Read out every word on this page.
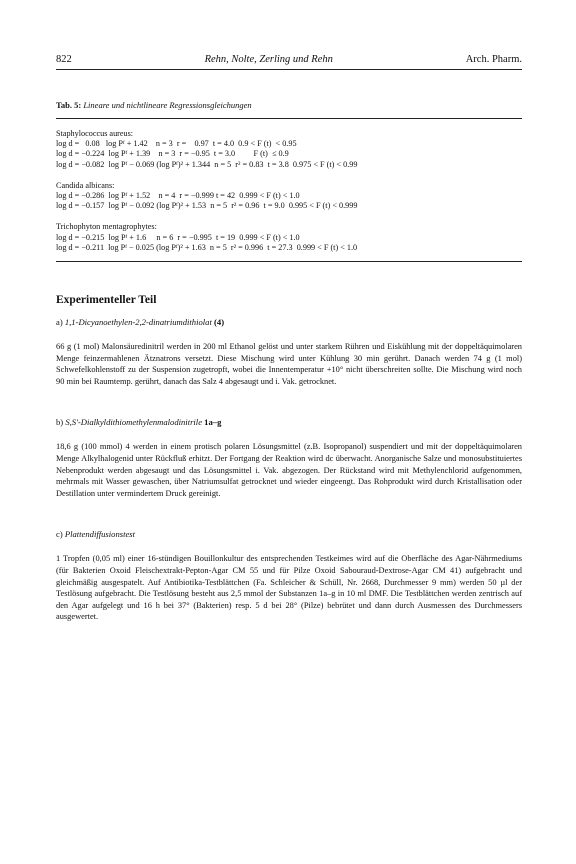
822	Rehn, Nolte, Zerling und Rehn	Arch. Pharm.
Tab. 5: Lineare und nichtlineare Regressionsgleichungen
Staphylococcus aureus:
log d =   0.08   log Pᶠ + 1.42    n = 3  r =    0.97  t = 4.0  0.9 < F (t)  < 0.95
log d = −0.224  log Pᶠ + 1.39    n = 3  r = −0.95  t = 3.0         F (t)  ≤ 0.9
log d = −0.082  log Pᶠ − 0.069 (log Pᶠ)² + 1.344  n = 5  r² = 0.83  t = 3.8  0.975 < F (t) < 0.99
Candida albicans:
log d = −0.286  log Pᶠ + 1.52    n = 4  r = −0.999 t = 42  0.999 < F (t) < 1.0
log d = −0.157  log Pᶠ − 0.092 (log Pᶠ)² + 1.53  n = 5  r² = 0.96  t = 9.0  0.995 < F (t) < 0.999
Trichophyton mentagrophytes:
log d = −0.215  log Pᶠ + 1.6     n = 6  r = −0.995  t = 19  0.999 < F (t) < 1.0
log d = −0.211  log Pᶠ − 0.025 (log Pᶠ)² + 1.63  n = 5  r² = 0.996  t = 27.3  0.999 < F (t) < 1.0
Experimenteller Teil
a) 1,1-Dicyanoethylen-2,2-dinatriumdithiolat (4)
66 g (1 mol) Malonsäuredinitril werden in 200 ml Ethanol gelöst und unter starkem Rühren und Eiskühlung mit der doppeltäquimolaren Menge feinzermahlenen Ätznatrons versetzt. Diese Mischung wird unter Kühlung 30 min gerührt. Danach werden 74 g (1 mol) Schwefelkohlenstoff zu der Suspension zugetropft, wobei die Innentemperatur +10° nicht überschreiten sollte. Die Mischung wird noch 90 min bei Raumtemp. gerührt, danach das Salz 4 abgesaugt und i. Vak. getrocknet.
b) S,S'-Dialkyldithiomethylenmalodinitrile 1a–g
18,6 g (100 mmol) 4 werden in einem protisch polaren Lösungsmittel (z.B. Isopropanol) suspendiert und mit der doppeltäquimolaren Menge Alkylhalogenid unter Rückfluß erhitzt. Der Fortgang der Reaktion wird dc überwacht. Anorganische Salze und monosubstituiertes Nebenprodukt werden abgesaugt und das Lösungsmittel i. Vak. abgezogen. Der Rückstand wird mit Methylenchlorid aufgenommen, mehrmals mit Wasser gewaschen, über Natriumsulfat getrocknet und wieder eingeengt. Das Rohprodukt wird durch Kristallisation oder Destillation unter vermindertem Druck gereinigt.
c) Plattendiffusionstest
1 Tropfen (0,05 ml) einer 16-stündigen Bouillonkultur des entsprechenden Testkeimes wird auf die Oberfläche des Agar-Nährmediums (für Bakterien Oxoid Fleischextrakt-Pepton-Agar CM 55 und für Pilze Oxoid Sabouraud-Dextrose-Agar CM 41) aufgebracht und gleichmäßig ausgespatelt. Auf Antibiotika-Testblättchen (Fa. Schleicher & Schüll, Nr. 2668, Durchmesser 9 mm) werden 50 µl der Testlösung aufgebracht. Die Testlösung besteht aus 2,5 mmol der Substanzen 1a–g in 10 ml DMF. Die Testblättchen werden zentrisch auf den Agar aufgelegt und 16 h bei 37° (Bakterien) resp. 5 d bei 28° (Pilze) bebrütet und dann durch Ausmessen des Durchmessers ausgewertet.
